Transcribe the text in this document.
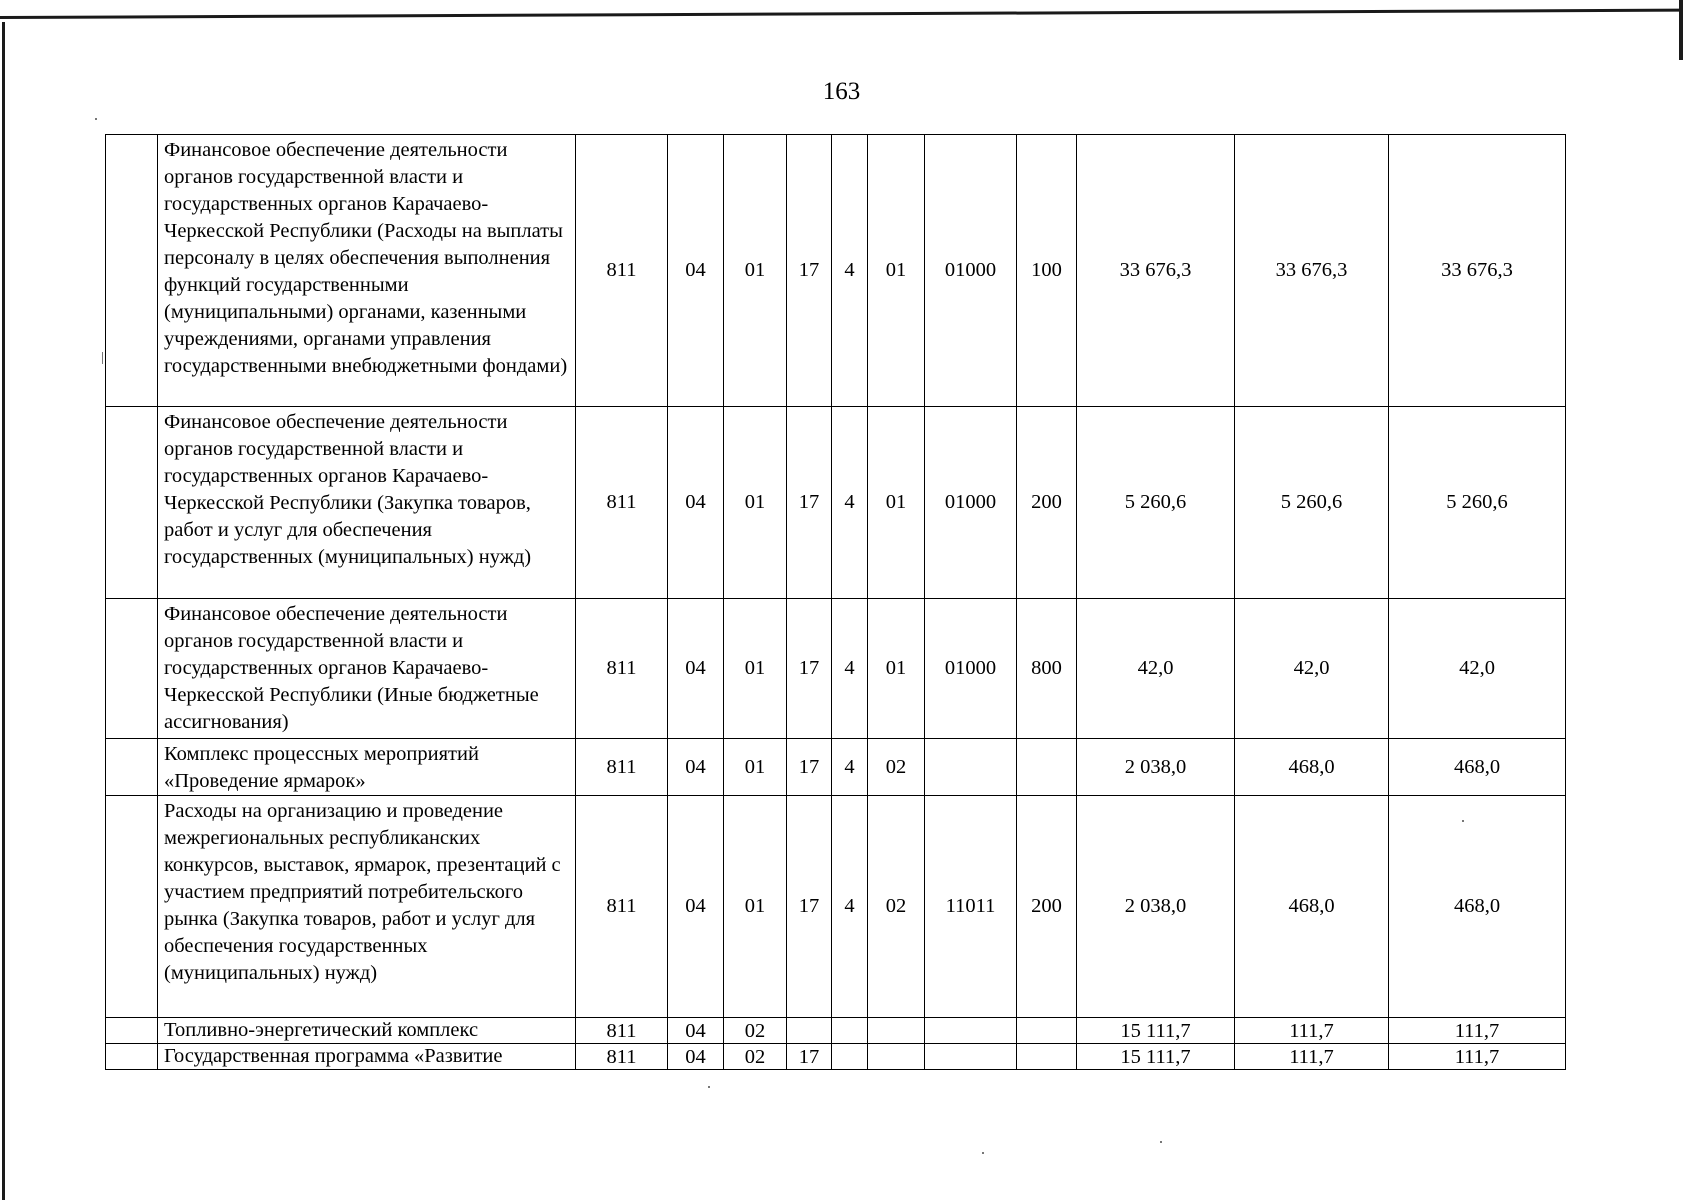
163
	Финансовое обеспечение деятельности органов государственной власти и государственных органов Карачаево-Черкесской Республики (Расходы на выплаты персоналу в целях обеспечения выполнения функций государственными (муниципальными) органами, казенными учреждениями, органами управления государственными внебюджетными фондами)	811	04	01	17	4	01	01000	100	33 676,3	33 676,3	33 676,3
	Финансовое обеспечение деятельности органов государственной власти и государственных органов Карачаево-Черкесской Республики (Закупка товаров, работ и услуг для обеспечения государственных (муниципальных) нужд)	811	04	01	17	4	01	01000	200	5 260,6	5 260,6	5 260,6
	Финансовое обеспечение деятельности органов государственной власти и государственных органов Карачаево-Черкесской Республики (Иные бюджетные ассигнования)	811	04	01	17	4	01	01000	800	42,0	42,0	42,0
	Комплекс процессных мероприятий «Проведение ярмарок»	811	04	01	17	4	02			2 038,0	468,0	468,0
	Расходы на организацию и проведение межрегиональных республиканских конкурсов, выставок, ярмарок, презентаций с участием предприятий потребительского рынка (Закупка товаров, работ и услуг для обеспечения государственных (муниципальных) нужд)	811	04	01	17	4	02	11011	200	2 038,0	468,0	468,0
	Топливно-энергетический комплекс	811	04	02						15 111,7	111,7	111,7
	Государственная программа «Развитие	811	04	02	17					15 111,7	111,7	111,7
